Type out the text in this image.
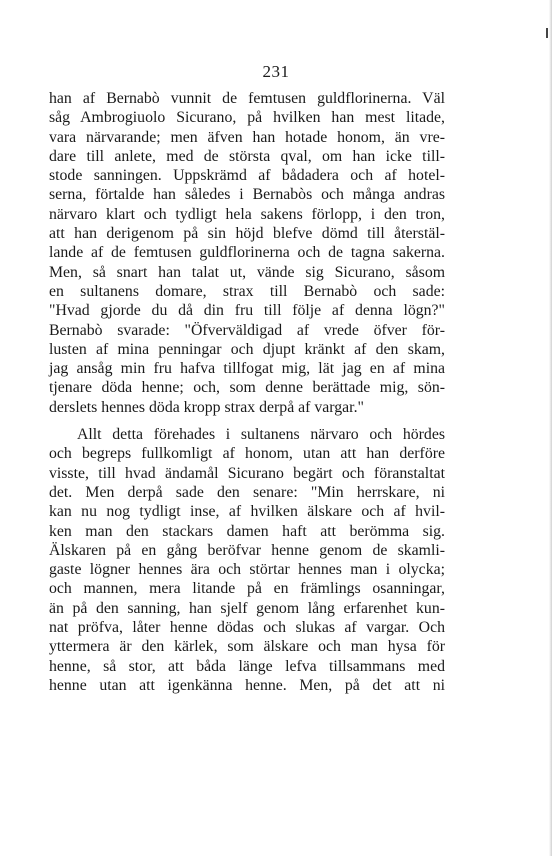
231
han af Bernabò vunnit de femtusen guldflorinerna. Väl
såg Ambrogiuolo Sicurano, på hvilken han mest litade,
vara närvarande; men äfven han hotade honom, än vre-
dare till anlete, med de största qval, om han icke till-
stode sanningen. Uppskrämd af bådadera och af hotel-
serna, förtalde han således i Bernabòs och många andras
närvaro klart och tydligt hela sakens förlopp, i den tron,
att han derigenom på sin höjd blefve dömd till återstäl-
lande af de femtusen guldflorinerna och de tagna sakerna.
Men, så snart han talat ut, vände sig Sicurano, såsom
en sultanens domare, strax till Bernabò och sade:
"Hvad gjorde du då din fru till följe af denna lögn?"
Bernabò svarade: "Öfverväldigad af vrede öfver för-
lusten af mina penningar och djupt kränkt af den skam,
jag ansåg min fru hafva tillfogat mig, lät jag en af mina
tjenare döda henne; och, som denne berättade mig, sön-
derslets hennes döda kropp strax derpå af vargar."
Allt detta förehades i sultanens närvaro och hördes
och begreps fullkomligt af honom, utan att han derföre
visste, till hvad ändamål Sicurano begärt och föranstaltat
det. Men derpå sade den senare: "Min herrskare, ni
kan nu nog tydligt inse, af hvilken älskare och af hvil-
ken man den stackars damen haft att berömma sig.
Älskaren på en gång beröfvar henne genom de skamli-
gaste lögner hennes ära och störtar hennes man i olycka;
och mannen, mera litande på en främlings osanningar,
än på den sanning, han sjelf genom lång erfarenhet kun-
nat pröfva, låter henne dödas och slukas af vargar. Och
yttermera är den kärlek, som älskare och man hysa för
henne, så stor, att båda länge lefva tillsammans med
henne utan att igenkänna henne. Men, på det att ni
